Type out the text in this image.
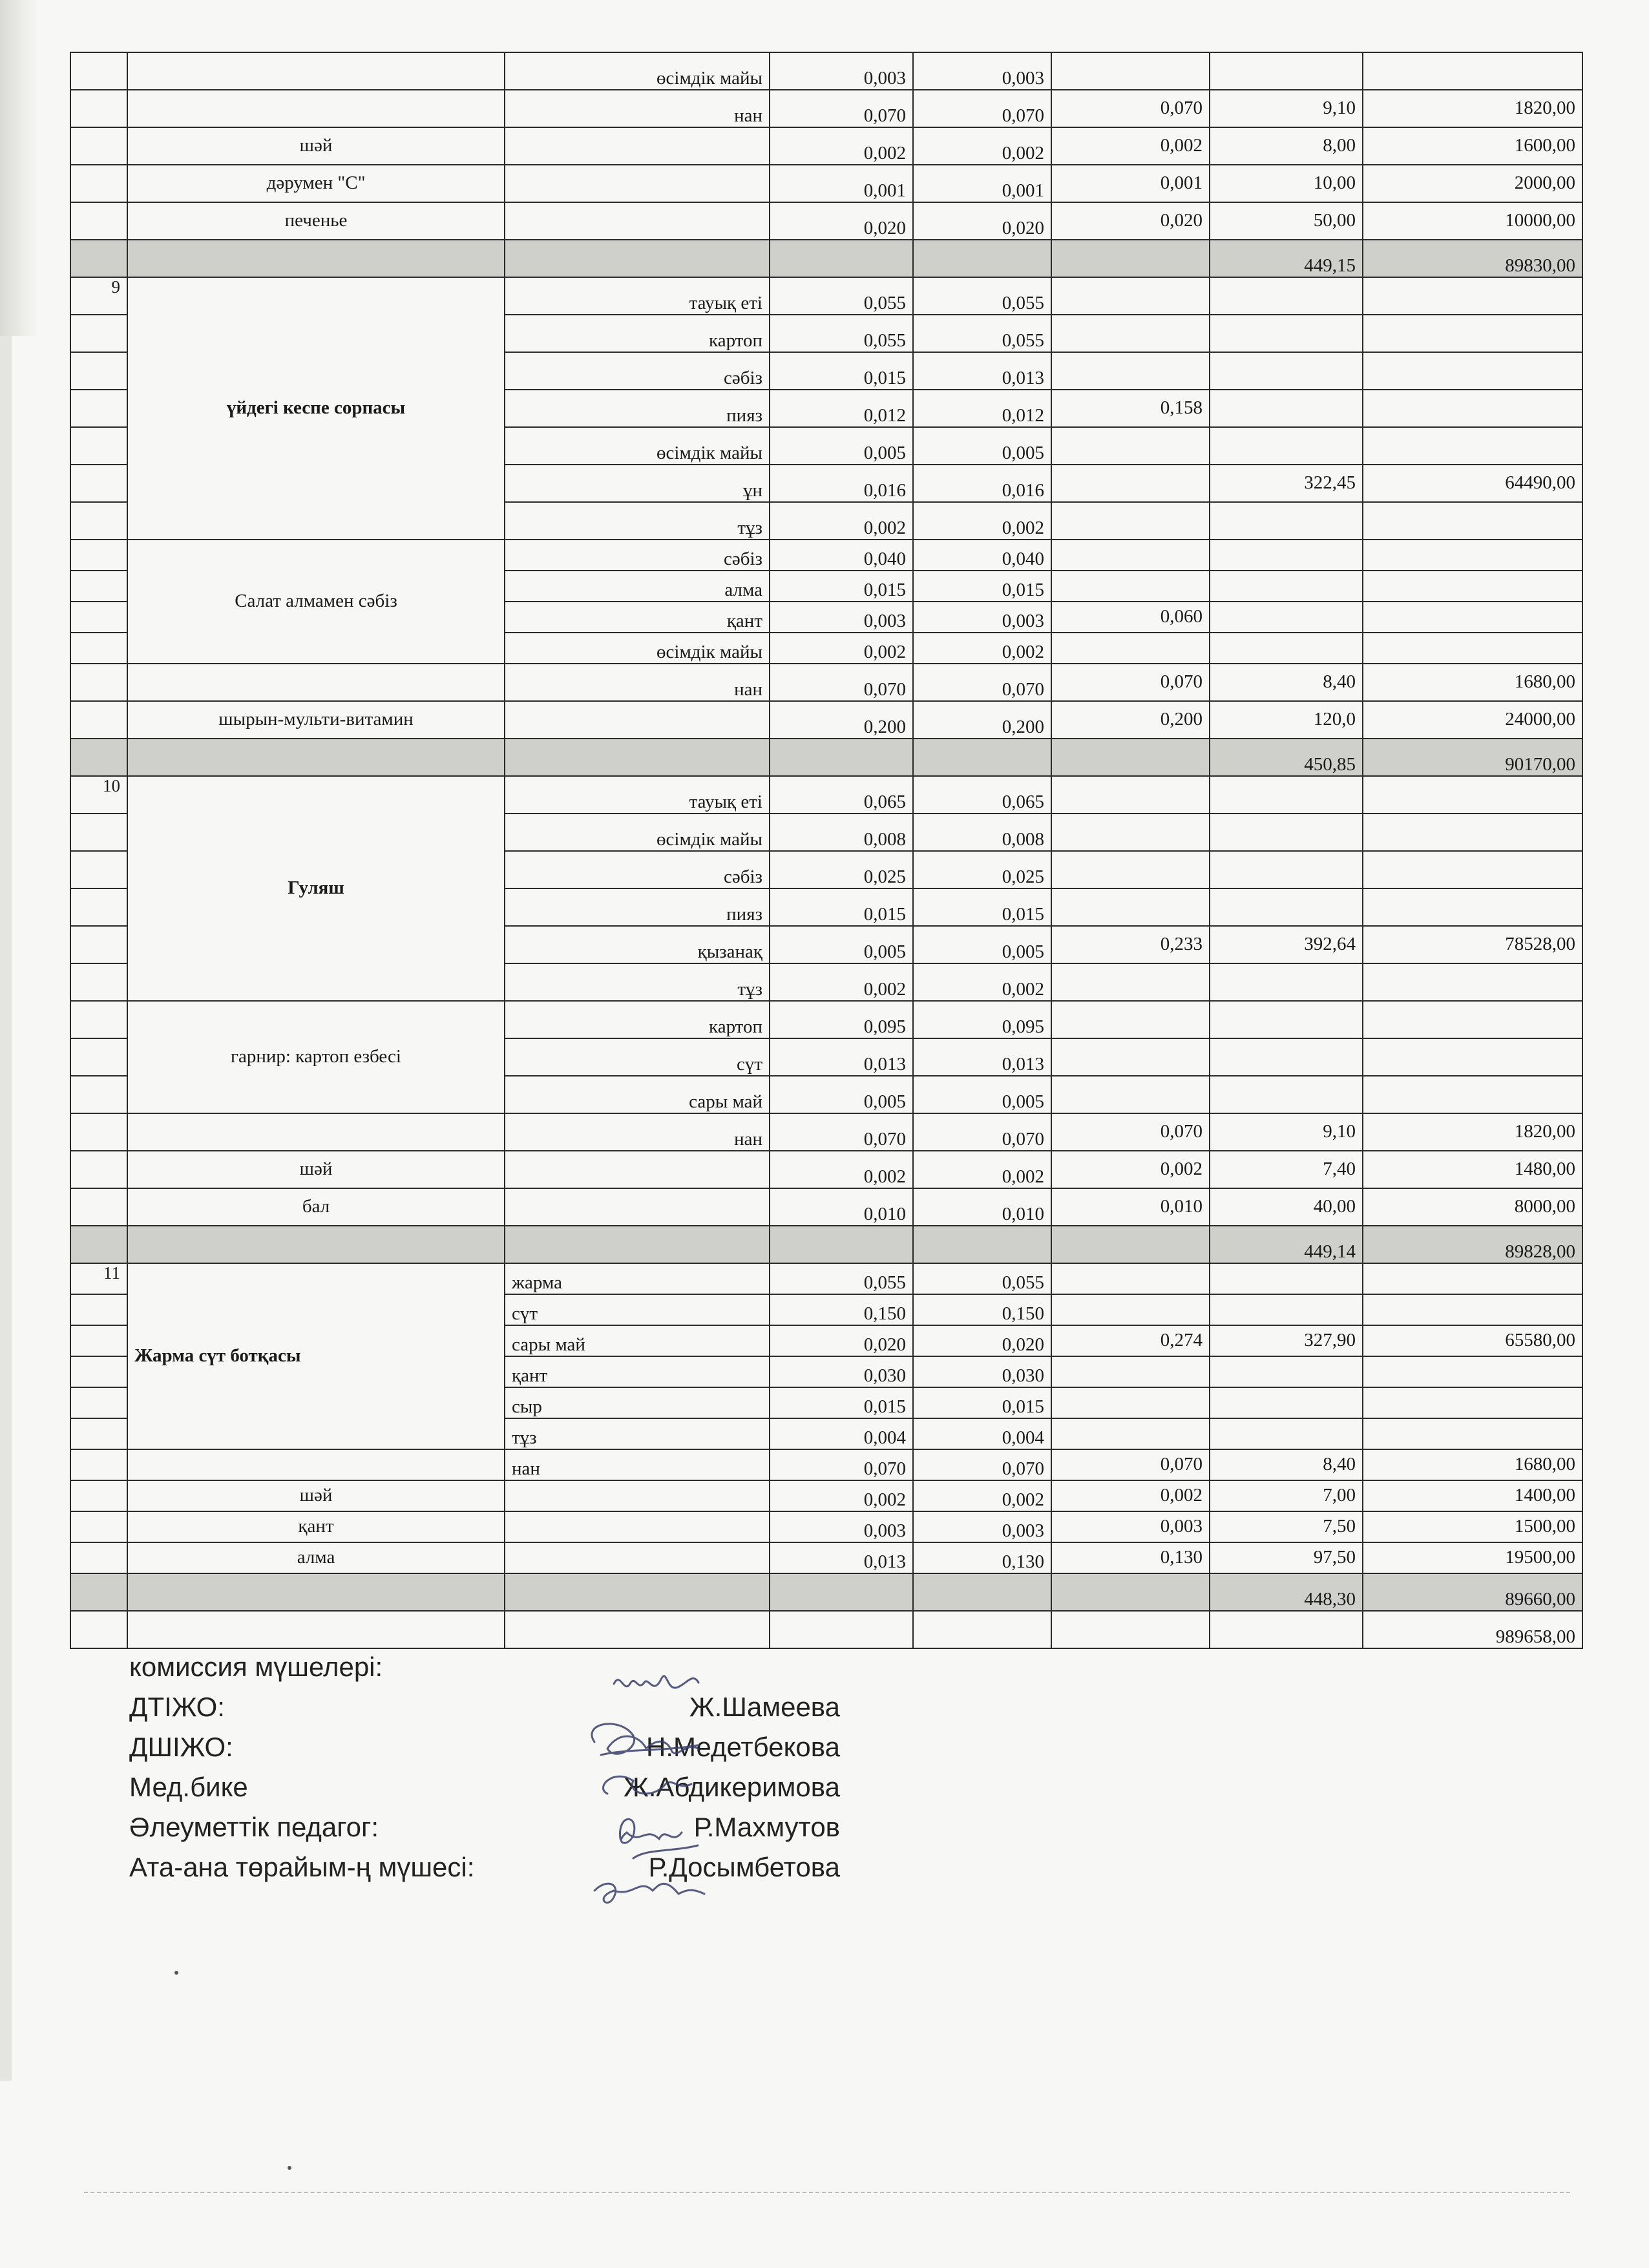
		өсімдік майы	0,003	0,003			
		нан	0,070	0,070	0,070	9,10	1820,00
	шәй		0,002	0,002	0,002	8,00	1600,00
	дәрумен "С"		0,001	0,001	0,001	10,00	2000,00
	печенье		0,020	0,020	0,020	50,00	10000,00
						449,15	89830,00
9	үйдегі кеспе сорпасы	тауық еті	0,055	0,055			
		картоп	0,055	0,055			
		сәбіз	0,015	0,013			
		пияз	0,012	0,012	0,158		
		өсімдік майы	0,005	0,005			
		ұн	0,016	0,016		322,45	64490,00
		тұз	0,002	0,002			
	Салат алмамен сәбіз	сәбіз	0,040	0,040			
		алма	0,015	0,015			
		қант	0,003	0,003	0,060		
		өсімдік майы	0,002	0,002			
		нан	0,070	0,070	0,070	8,40	1680,00
	шырын-мульти-витамин		0,200	0,200	0,200	120,0	24000,00
						450,85	90170,00
10	Гуляш	тауық еті	0,065	0,065			
		өсімдік майы	0,008	0,008			
		сәбіз	0,025	0,025			
		пияз	0,015	0,015			
		қызанақ	0,005	0,005	0,233	392,64	78528,00
		тұз	0,002	0,002			
	гарнир: картоп езбесі	картоп	0,095	0,095			
		сүт	0,013	0,013			
		сары май	0,005	0,005			
		нан	0,070	0,070	0,070	9,10	1820,00
	шәй		0,002	0,002	0,002	7,40	1480,00
	бал		0,010	0,010	0,010	40,00	8000,00
						449,14	89828,00
11	Жарма сүт ботқасы	жарма	0,055	0,055			
		сүт	0,150	0,150			
		сары май	0,020	0,020	0,274	327,90	65580,00
		қант	0,030	0,030			
		сыр	0,015	0,015			
		тұз	0,004	0,004			
		нан	0,070	0,070	0,070	8,40	1680,00
	шәй		0,002	0,002	0,002	7,00	1400,00
	қант		0,003	0,003	0,003	7,50	1500,00
	алма		0,013	0,130	0,130	97,50	19500,00
						448,30	89660,00
							989658,00
комиссия мүшелері:
ДТІЖО:	Ж.Шамеева
ДШІЖО:	Н.Медетбекова
Мед.бике	Ж.Абдикеримова
Әлеуметтік педагог:	Р.Махмутов
Ата-ана төрайым-ң мүшесі:	Р.Досымбетова
